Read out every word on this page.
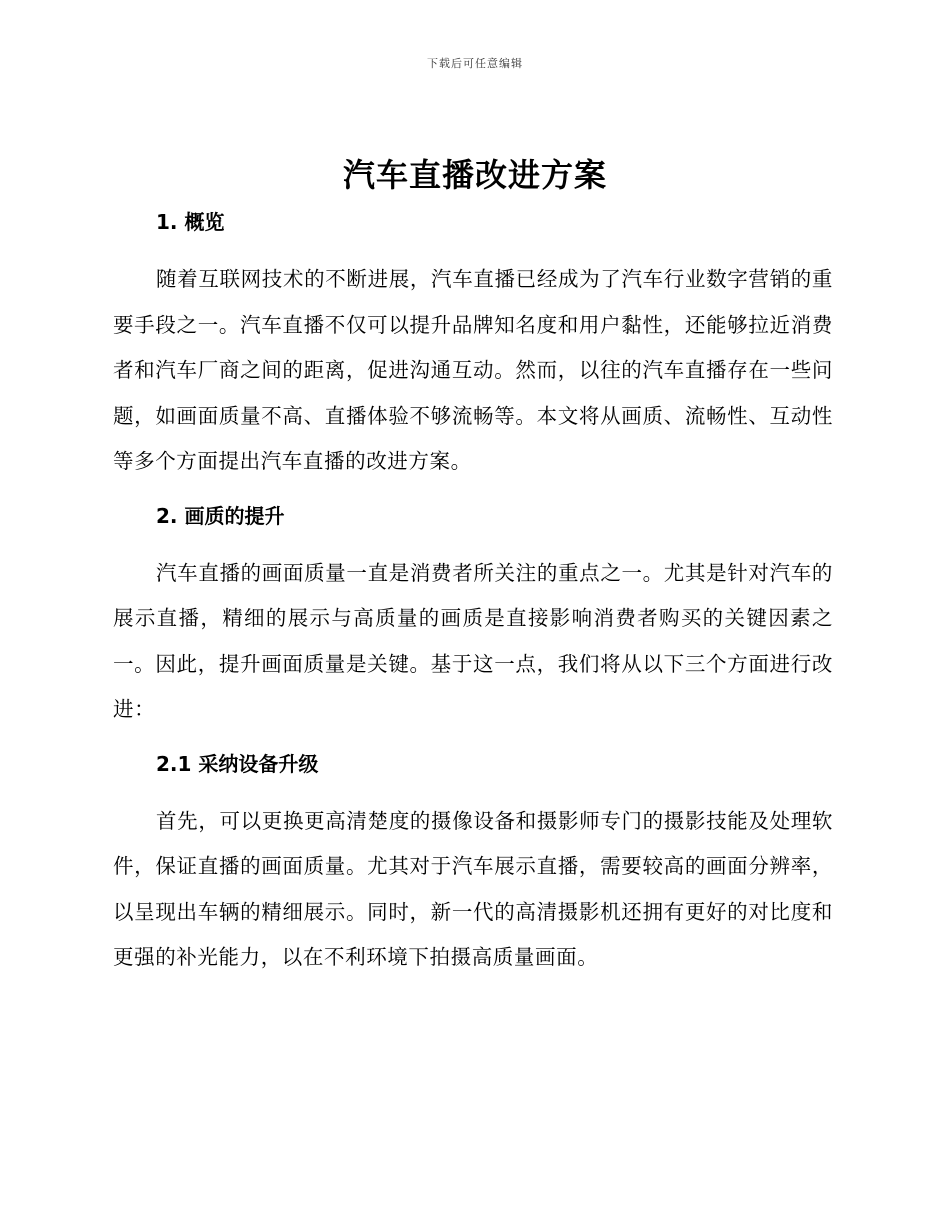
下载后可任意编辑
汽车直播改进方案
1. 概览

随着互联网技术的不断进展，汽车直播已经成为了汽车行业数字营销的重要手段之一。汽车直播不仅可以提升品牌知名度和用户黏性，还能够拉近消费者和汽车厂商之间的距离，促进沟通互动。然而，以往的汽车直播存在一些问题，如画面质量不高、直播体验不够流畅等。本文将从画质、流畅性、互动性等多个方面提出汽车直播的改进方案。

2. 画质的提升

汽车直播的画面质量一直是消费者所关注的重点之一。尤其是针对汽车的展示直播，精细的展示与高质量的画质是直接影响消费者购买的关键因素之一。因此，提升画面质量是关键。基于这一点，我们将从以下三个方面进行改进：

2.1 采纳设备升级

首先，可以更换更高清楚度的摄像设备和摄影师专门的摄影技能及处理软件，保证直播的画面质量。尤其对于汽车展示直播，需要较高的画面分辨率，以呈现出车辆的精细展示。同时，新一代的高清摄影机还拥有更好的对比度和更强的补光能力，以在不利环境下拍摄高质量画面。
